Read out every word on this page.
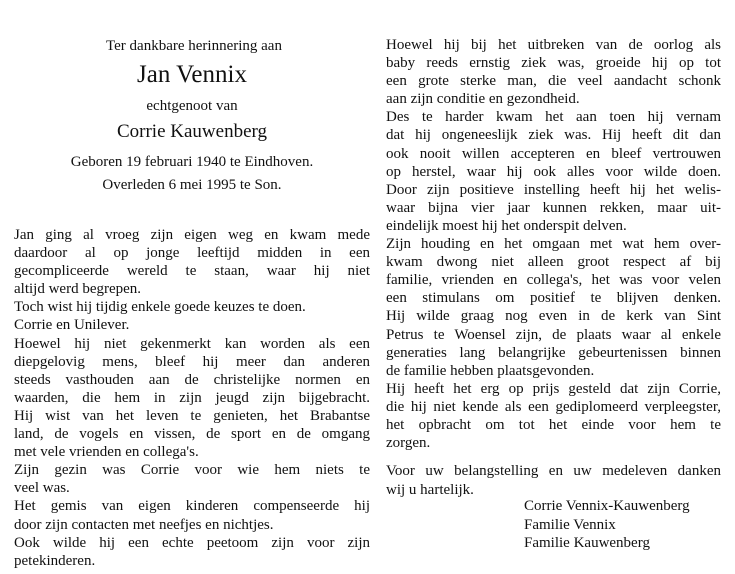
Ter dankbare herinnering aan
Jan Vennix
echtgenoot van
Corrie Kauwenberg
Geboren 19 februari 1940 te Eindhoven.
Overleden 6 mei 1995 te Son.
Jan ging al vroeg zijn eigen weg en kwam mede
daardoor al op jonge leeftijd midden in een
gecompliceerde wereld te staan, waar hij niet
altijd werd begrepen.
Toch wist hij tijdig enkele goede keuzes te doen.
Corrie en Unilever.
Hoewel hij niet gekenmerkt kan worden als een
diepgelovig mens, bleef hij meer dan anderen
steeds vasthouden aan de christelijke normen en
waarden, die hem in zijn jeugd zijn bijgebracht.
Hij wist van het leven te genieten, het Brabantse
land, de vogels en vissen, de sport en de omgang
met vele vrienden en collega's.
Zijn gezin was Corrie voor wie hem niets te
veel was.
Het gemis van eigen kinderen compenseerde hij
door zijn contacten met neefjes en nichtjes.
Ook wilde hij een echte peetoom zijn voor zijn
petekinderen.
Hoewel hij bij het uitbreken van de oorlog als
baby reeds ernstig ziek was, groeide hij op tot
een grote sterke man, die veel aandacht schonk
aan zijn conditie en gezondheid.
Des te harder kwam het aan toen hij vernam
dat hij ongeneeslijk ziek was. Hij heeft dit dan
ook nooit willen accepteren en bleef vertrouwen
op herstel, waar hij ook alles voor wilde doen.
Door zijn positieve instelling heeft hij het welis-
waar bijna vier jaar kunnen rekken, maar uit-
eindelijk moest hij het onderspit delven.
Zijn houding en het omgaan met wat hem over-
kwam dwong niet alleen groot respect af bij
familie, vrienden en collega's, het was voor velen
een stimulans om positief te blijven denken.
Hij wilde graag nog even in de kerk van Sint
Petrus te Woensel zijn, de plaats waar al enkele
generaties lang belangrijke gebeurtenissen binnen
de familie hebben plaatsgevonden.
Hij heeft het erg op prijs gesteld dat zijn Corrie,
die hij niet kende als een gediplomeerd verpleegster,
het opbracht om tot het einde voor hem te
zorgen.
Voor uw belangstelling en uw medeleven danken
wij u hartelijk.
Corrie Vennix-Kauwenberg
Familie Vennix
Familie Kauwenberg
